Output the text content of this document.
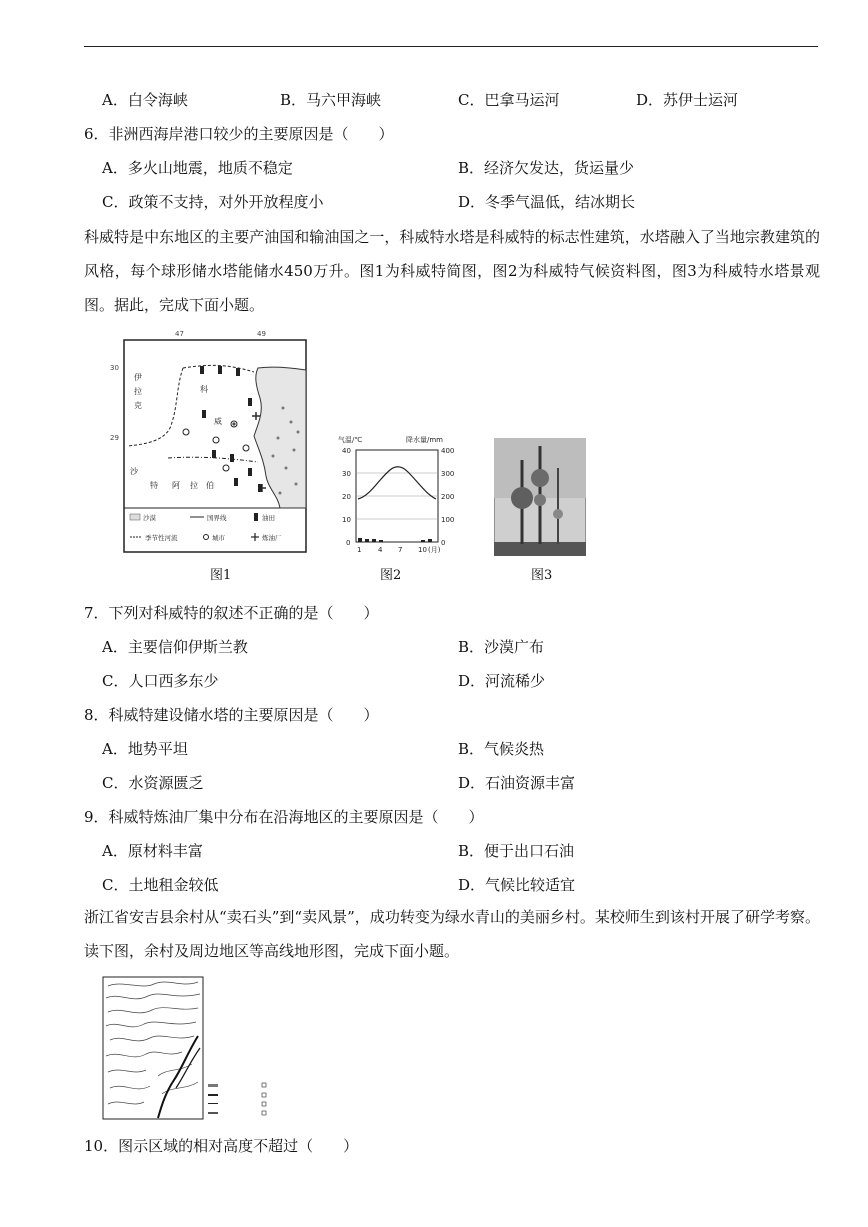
A．白令海峡	B．马六甲海峡	C．巴拿马运河	D．苏伊士运河
6．非洲西海岸港口较少的主要原因是（　　）
A．多火山地震，地质不稳定	B．经济欠发达，货运量少
C．政策不支持，对外开放程度小	D．冬季气温低，结冰期长
科威特是中东地区的主要产油国和输油国之一，科威特水塔是科威特的标志性建筑，水塔融入了当地宗教建筑的风格，每个球形储水塔能储水450万升。图1为科威特简图，图2为科威特气候资料图，图3为科威特水塔景观图。据此，完成下面小题。
47	49
30
29
伊
拉
克
科
威
沙
特 阿 拉 伯
沙漠	国界线	油田
季节性河流	城市	炼油厂
图1
气温/℃	降水量/mm
40
30
20
10
0
400
300
200
100
0
1 4 7 10 (月)
图2	图3
7．下列对科威特的叙述不正确的是（　　）
A．主要信仰伊斯兰教	B．沙漠广布
C．人口西多东少	D．河流稀少
8．科威特建设储水塔的主要原因是（　　）
A．地势平坦	B．气候炎热
C．水资源匮乏	D．石油资源丰富
9．科威特炼油厂集中分布在沿海地区的主要原因是（　　）
A．原材料丰富	B．便于出口石油
C．土地租金较低	D．气候比较适宜
浙江省安吉县余村从“卖石头”到“卖风景”，成功转变为绿水青山的美丽乡村。某校师生到该村开展了研学考察。读下图，余村及周边地区等高线地形图，完成下面小题。
10．图示区域的相对高度不超过（　　）
